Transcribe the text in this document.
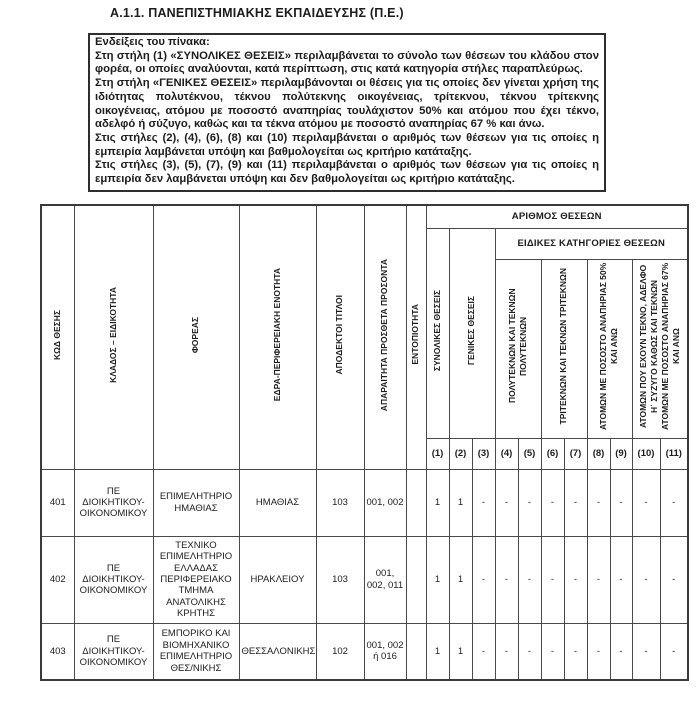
Α.1.1. ΠΑΝΕΠΙΣΤΗΜΙΑΚΗΣ ΕΚΠΑΙΔΕΥΣΗΣ (Π.Ε.)

Ενδείξεις του πίνακα:

Στη στήλη (1) «ΣΥΝΟΛΙΚΕΣ ΘΕΣΕΙΣ» περιλαμβάνεται το σύνολο των θέσεων του κλάδου στον φορέα, οι οποίες αναλύονται, κατά περίπτωση, στις κατά κατηγορία στήλες παραπλεύρως.

Στη στήλη «ΓΕΝΙΚΕΣ ΘΕΣΕΙΣ» περιλαμβάνονται οι θέσεις για τις οποίες δεν γίνεται χρήση της ιδιότητας πολυτέκνου, τέκνου πολύτεκνης οικογένειας, τρίτεκνου, τέκνου τρίτεκνης οικογένειας, ατόμου με ποσοστό αναπηρίας τουλάχιστον 50% και ατόμου που έχει τέκνο, αδελφό ή σύζυγο, καθώς και τα τέκνα ατόμου με ποσοστό αναπηρίας 67 % και άνω.

Στις στήλες (2), (4), (6), (8) και (10) περιλαμβάνεται ο αριθμός των θέσεων για τις οποίες η εμπειρία λαμβάνεται υπόψη και βαθμολογείται ως κριτήριο κατάταξης.

Στις στήλες (3), (5), (7), (9) και (11) περιλαμβάνεται ο αριθμός των θέσεων για τις οποίες η εμπειρία δεν λαμβάνεται υπόψη και δεν βαθμολογείται ως κριτήριο κατάταξης.

ΚΩΔ ΘΕΣΗΣ	ΚΛΑΔΟΣ – ΕΙΔΙΚΟΤΗΤΑ	ΦΟΡΕΑΣ	ΕΔΡΑ-ΠΕΡΙΦΕΡΕΙΑΚΗ ΕΝΟΤΗΤΑ	ΑΠΟΔΕΚΤΟΙ ΤΙΤΛΟΙ	ΑΠΑΡΑΙΤΗΤΑ ΠΡΟΣΘΕΤΑ ΠΡΟΣΟΝΤΑ	ΕΝΤΟΠΙΟΤΗΤΑ	ΑΡΙΘΜΟΣ ΘΕΣΕΩΝ										
							ΣΥΝΟΛΙΚΕΣ ΘΕΣΕΙΣ	ΓΕΝΙΚΕΣ ΘΕΣΕΙΣ		ΕΙΔΙΚΕΣ ΚΑΤΗΓΟΡΙΕΣ ΘΕΣΕΩΝ							
										ΠΟΛΥΤΕΚΝΩΝ ΚΑΙ ΤΕΚΝΩΝ ΠΟΛΥΤΕΚΝΩΝ		ΤΡΙΤΕΚΝΩΝ ΚΑΙ ΤΕΚΝΩΝ ΤΡΙΤΕΚΝΩΝ		ΑΤΟΜΩΝ ΜΕ ΠΟΣΟΣΤΟ ΑΝΑΠΗΡΙΑΣ 50% ΚΑΙ ΑΝΩ		ΑΤΟΜΩΝ ΠΟΥ ΕΧΟΥΝ ΤΕΚΝΟ, ΑΔΕΛΦΟ Η΄ ΣΥΖΥΓΟ ΚΑΘΩΣ ΚΑΙ ΤΕΚΝΩΝ ΑΤΟΜΩΝ ΜΕ ΠΟΣΟΣΤΟ ΑΝΑΠΗΡΙΑΣ 67% ΚΑΙ ΑΝΩ	
							(1)	(2)	(3)	(4)	(5)	(6)	(7)	(8)	(9)	(10)	(11)
401	ΠΕ ΔΙΟΙΚΗΤΙΚΟΥ-ΟΙΚΟΝΟΜΙΚΟΥ	ΕΠΙΜΕΛΗΤΗΡΙΟ ΗΜΑΘΙΑΣ	ΗΜΑΘΙΑΣ	103	001, 002		1	1	-	-	-	-	-	-	-	-	-
402	ΠΕ ΔΙΟΙΚΗΤΙΚΟΥ-ΟΙΚΟΝΟΜΙΚΟΥ	ΤΕΧΝΙΚΟ ΕΠΙΜΕΛΗΤΗΡΙΟ ΕΛΛΑΔΑΣ ΠΕΡΙΦΕΡΕΙΑΚΟ ΤΜΗΜΑ ΑΝΑΤΟΛΙΚΗΣ ΚΡΗΤΗΣ	ΗΡΑΚΛΕΙΟΥ	103	001, 002, 011		1	1	-	-	-	-	-	-	-	-	-
403	ΠΕ ΔΙΟΙΚΗΤΙΚΟΥ-ΟΙΚΟΝΟΜΙΚΟΥ	ΕΜΠΟΡΙΚΟ ΚΑΙ ΒΙΟΜΗΧΑΝΙΚΟ ΕΠΙΜΕΛΗΤΗΡΙΟ ΘΕΣ/ΝΙΚΗΣ	ΘΕΣΣΑΛΟΝΙΚΗΣ	102	001, 002 ή 016		1	1	-	-	-	-	-	-	-	-	-
